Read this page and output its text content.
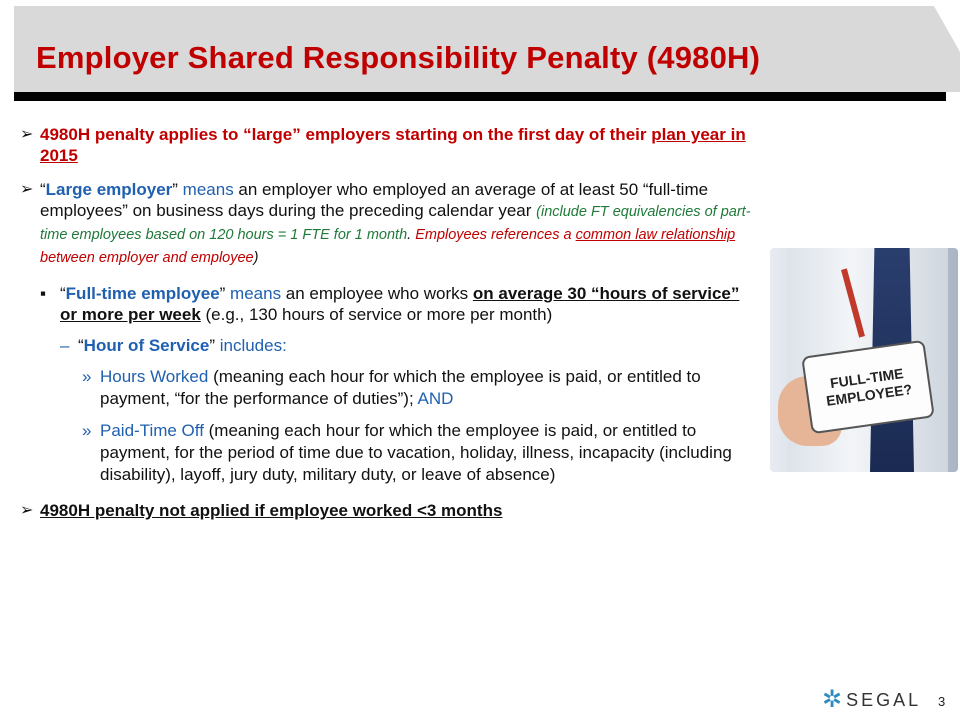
Employer Shared Responsibility Penalty (4980H)
➢ 4980H penalty applies to “large” employers starting on the first day of their plan year in 2015
➢ “Large employer” means an employer who employed an average of at least 50 “full-time employees” on business days during the preceding calendar year (include FT equivalencies of part-time employees based on 120 hours = 1 FTE for 1 month. Employees references a common law relationship between employer and employee)
▪ “Full-time employee” means an employee who works on average 30 “hours of service” or more per week (e.g., 130 hours of service or more per month)
– “Hour of Service” includes:
» Hours Worked (meaning each hour for which the employee is paid, or entitled to payment, “for the performance of duties”); AND
» Paid-Time Off (meaning each hour for which the employee is paid, or entitled to payment, for the period of time due to vacation, holiday, illness, incapacity (including disability), layoff, jury duty, military duty, or leave of absence)
➢ 4980H penalty not applied if employee worked <3 months
FULL-TIME EMPLOYEE?
✲ SEGAL 3
